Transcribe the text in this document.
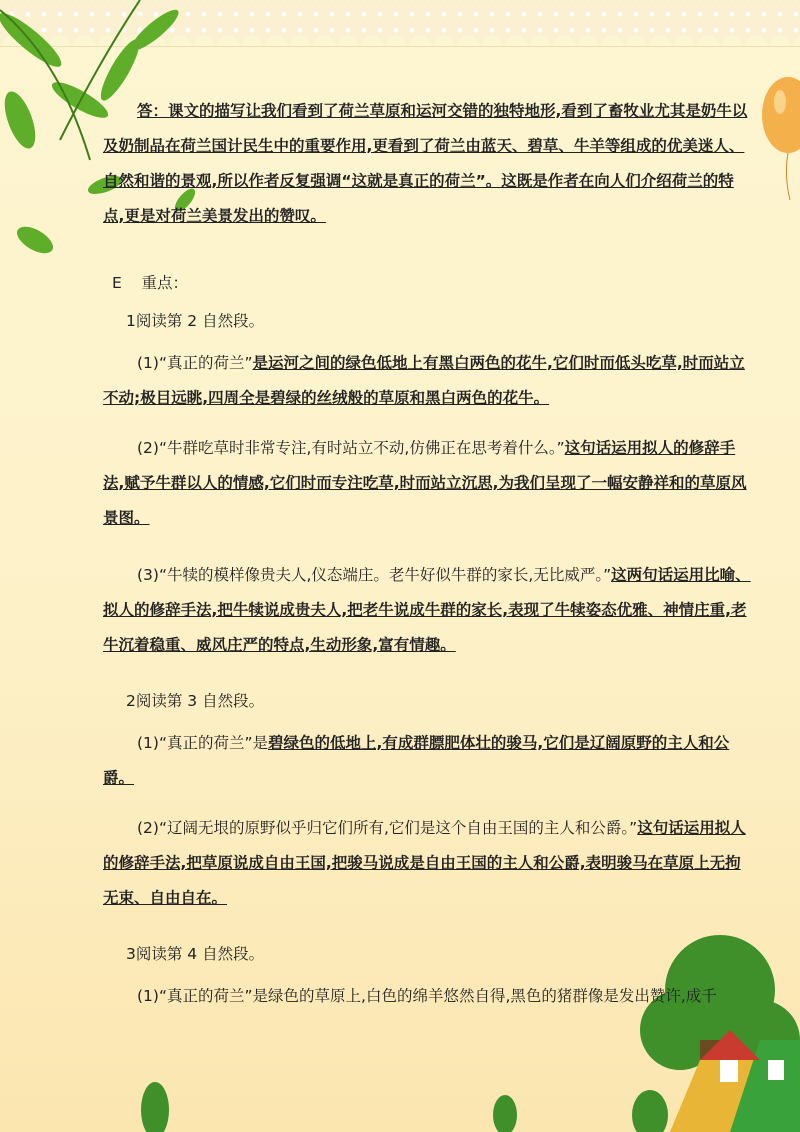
答：课文的描写让我们看到了荷兰草原和运河交错的独特地形,看到了畜牧业尤其是奶牛以及奶制品在荷兰国计民生中的重要作用,更看到了荷兰由蓝天、碧草、牛羊等组成的优美迷人、自然和谐的景观,所以作者反复强调“这就是真正的荷兰”。这既是作者在向人们介绍荷兰的特点,更是对荷兰美景发出的赞叹。

E 重点：

1阅读第 2 自然段。

(1)“真正的荷兰”是运河之间的绿色低地上有黑白两色的花牛,它们时而低头吃草,时而站立不动;极目远眺,四周全是碧绿的丝绒般的草原和黑白两色的花牛。

(2)“牛群吃草时非常专注,有时站立不动,仿佛正在思考着什么。”这句话运用拟人的修辞手法,赋予牛群以人的情感,它们时而专注吃草,时而站立沉思,为我们呈现了一幅安静祥和的草原风景图。

(3)“牛犊的模样像贵夫人,仪态端庄。老牛好似牛群的家长,无比威严。”这两句话运用比喻、拟人的修辞手法,把牛犊说成贵夫人,把老牛说成牛群的家长,表现了牛犊姿态优雅、神情庄重,老牛沉着稳重、威风庄严的特点,生动形象,富有情趣。

2阅读第 3 自然段。

(1)“真正的荷兰”是碧绿色的低地上,有成群膘肥体壮的骏马,它们是辽阔原野的主人和公爵。

(2)“辽阔无垠的原野似乎归它们所有,它们是这个自由王国的主人和公爵。”这句话运用拟人的修辞手法,把草原说成自由王国,把骏马说成是自由王国的主人和公爵,表明骏马在草原上无拘无束、自由自在。

3阅读第 4 自然段。

(1)“真正的荷兰”是绿色的草原上,白色的绵羊悠然自得,黑色的猪群像是发出赞许,成千
